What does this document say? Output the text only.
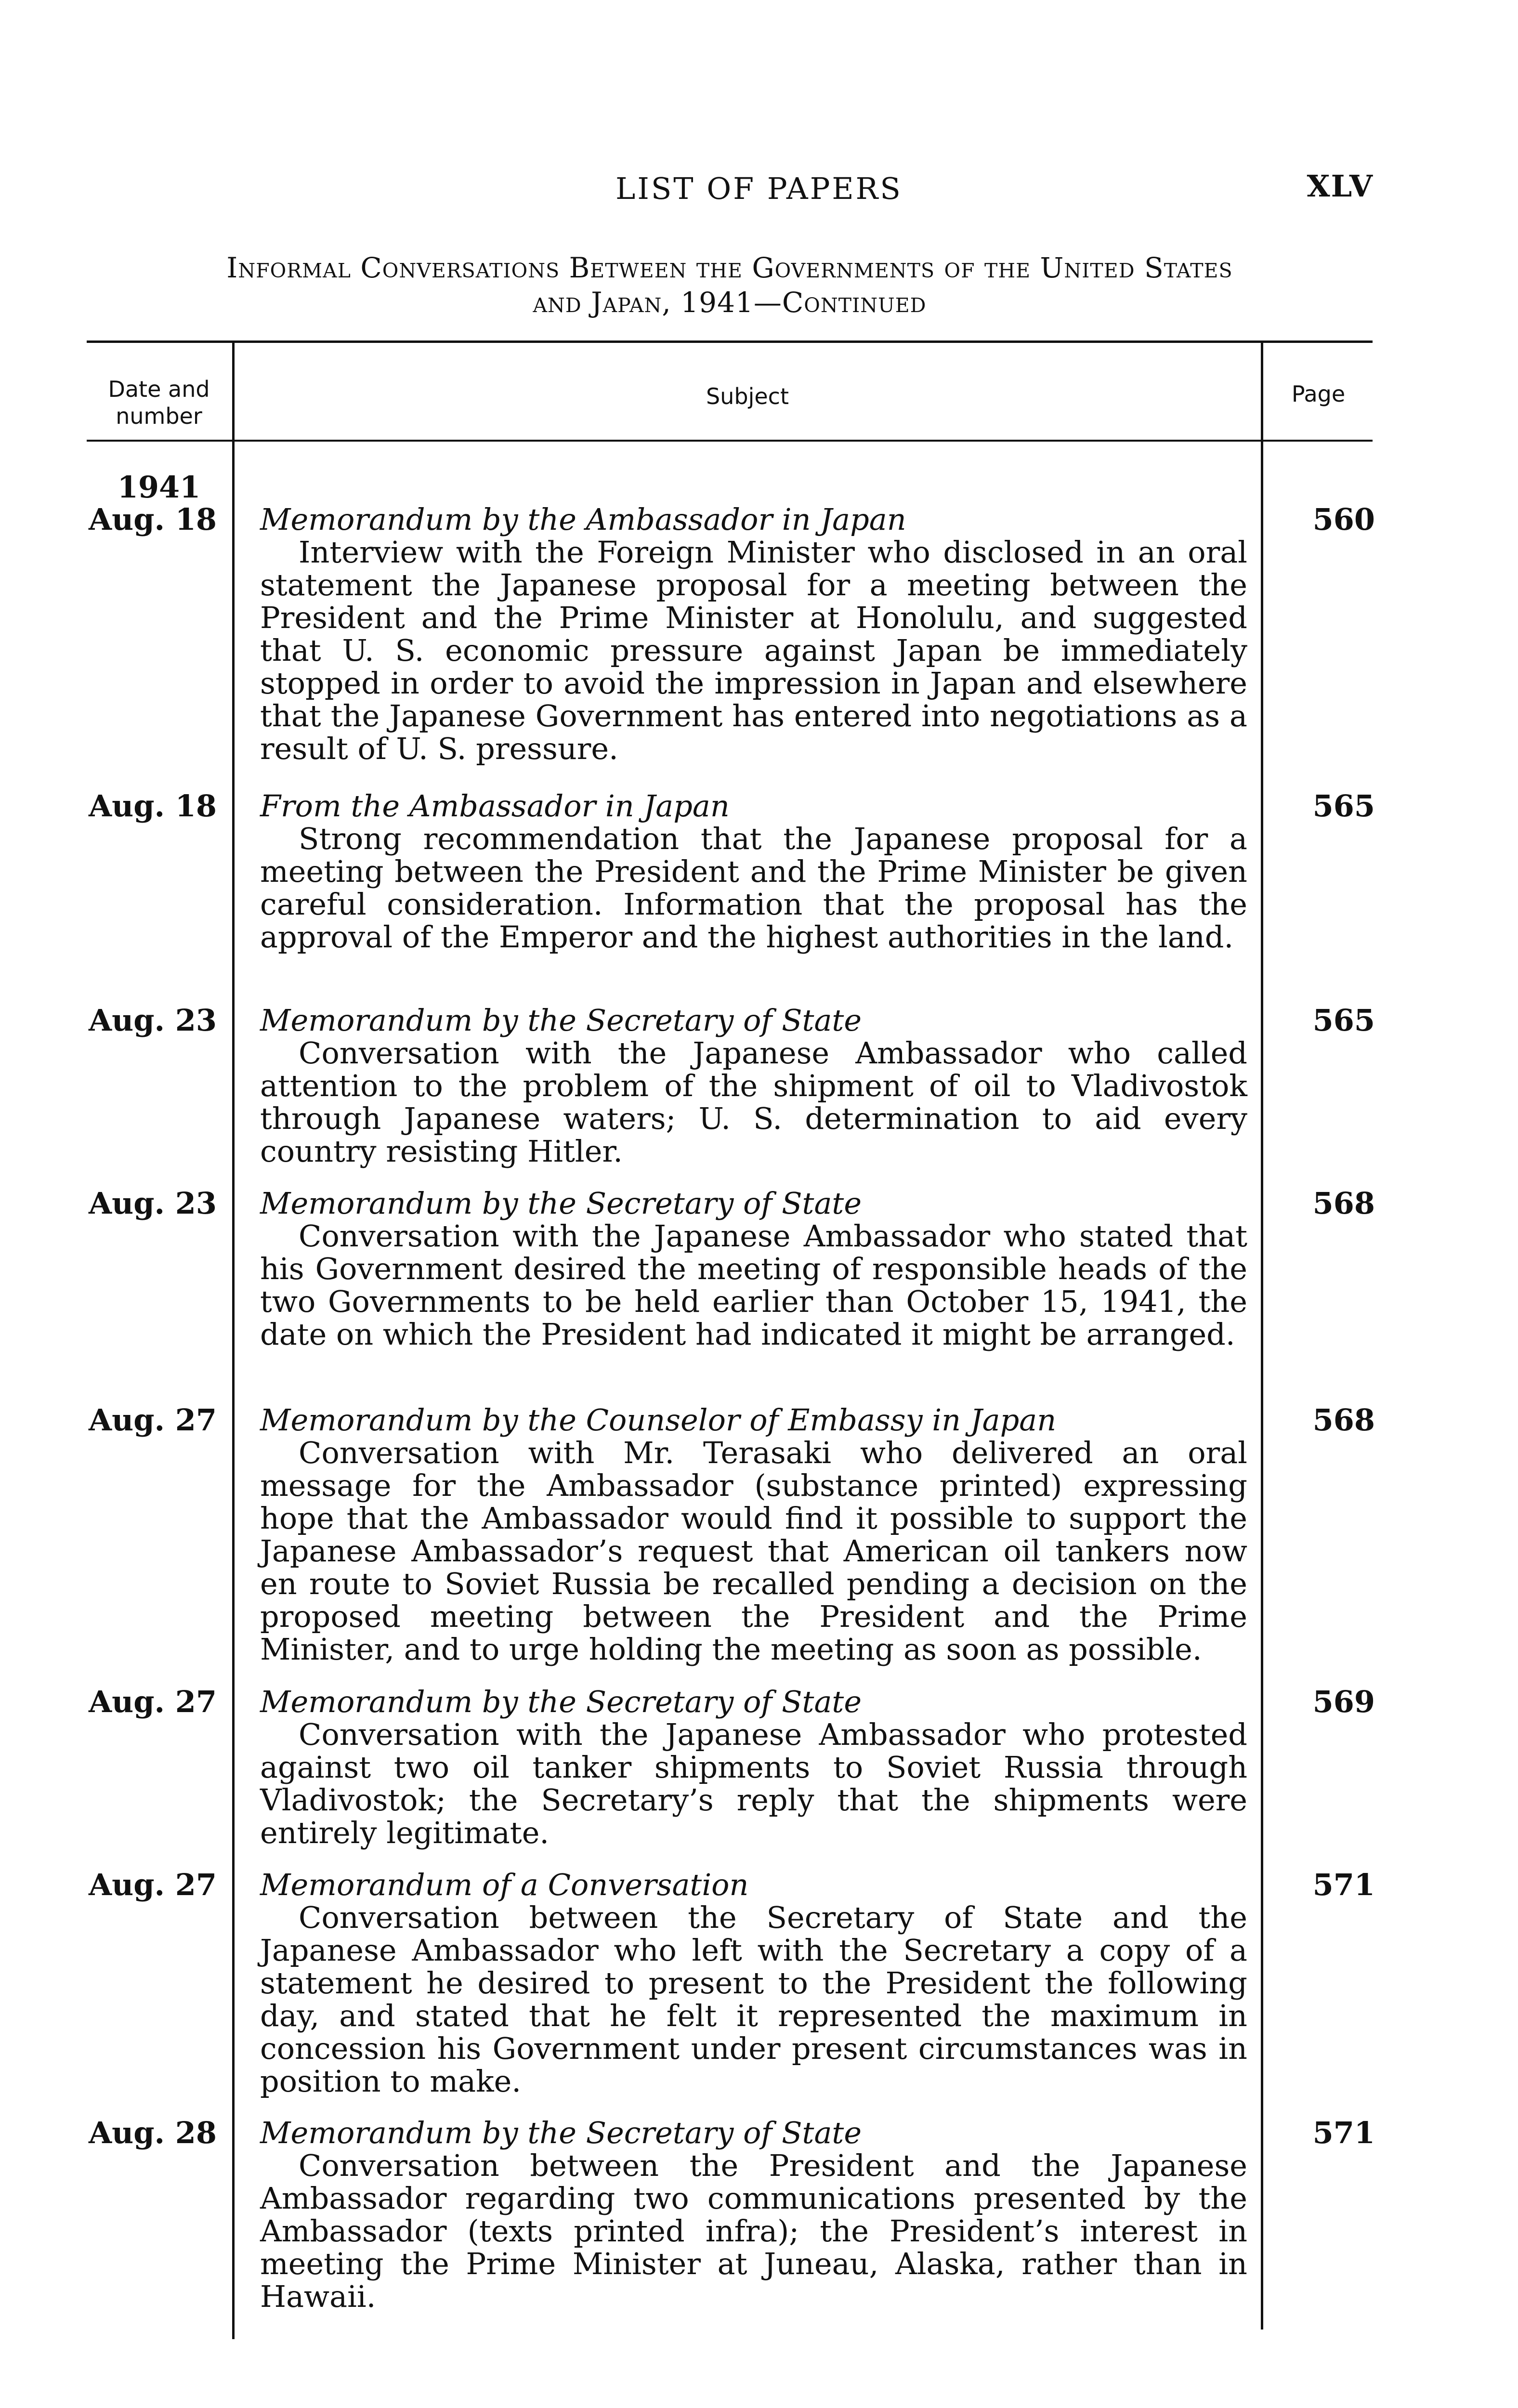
LIST OF PAPERS	XLV
Informal Conversations Between the Governments of the United States
and Japan, 1941—Continued
Date and number
Subject	Page
1941
Aug. 18 Memorandum by the Ambassador in Japan
Interview with the Foreign Minister who disclosed in an oral statement the Japanese proposal for a meeting between the President and the Prime Minister at Honolulu, and suggested that U. S. economic pressure against Japan be immediately stopped in order to avoid the impression in Japan and elsewhere that the Japanese Government has entered into negotiations as a result of U. S. pressure.
560
Aug. 18 From the Ambassador in Japan
Strong recommendation that the Japanese proposal for a meeting between the President and the Prime Minister be given careful consideration. Information that the proposal has the approval of the Emperor and the highest authorities in the land.
565
Aug. 23 Memorandum by the Secretary of State
Conversation with the Japanese Ambassador who called attention to the problem of the shipment of oil to Vladivostok through Japanese waters; U. S. determination to aid every country resisting Hitler.
565
Aug. 23 Memorandum by the Secretary of State
Conversation with the Japanese Ambassador who stated that his Government desired the meeting of responsible heads of the two Governments to be held earlier than October 15, 1941, the date on which the President had indicated it might be arranged.
568
Aug. 27 Memorandum by the Counselor of Embassy in Japan
Conversation with Mr. Terasaki who delivered an oral message for the Ambassador (substance printed) expressing hope that the Ambassador would find it possible to support the Japanese Ambassador’s request that American oil tankers now en route to Soviet Russia be recalled pending a decision on the proposed meeting between the President and the Prime Minister, and to urge holding the meeting as soon as possible.
568
Aug. 27 Memorandum by the Secretary of State
Conversation with the Japanese Ambassador who protested against two oil tanker shipments to Soviet Russia through Vladivostok; the Secretary’s reply that the shipments were entirely legitimate.
569
Aug. 27 Memorandum of a Conversation
Conversation between the Secretary of State and the Japanese Ambassador who left with the Secretary a copy of a statement he desired to present to the President the following day, and stated that he felt it represented the maximum in concession his Government under present circumstances was in position to make.
571
Aug. 28 Memorandum by the Secretary of State
Conversation between the President and the Japanese Ambassador regarding two communications presented by the Ambassador (texts printed infra); the President’s interest in meeting the Prime Minister at Juneau, Alaska, rather than in Hawaii.
571
